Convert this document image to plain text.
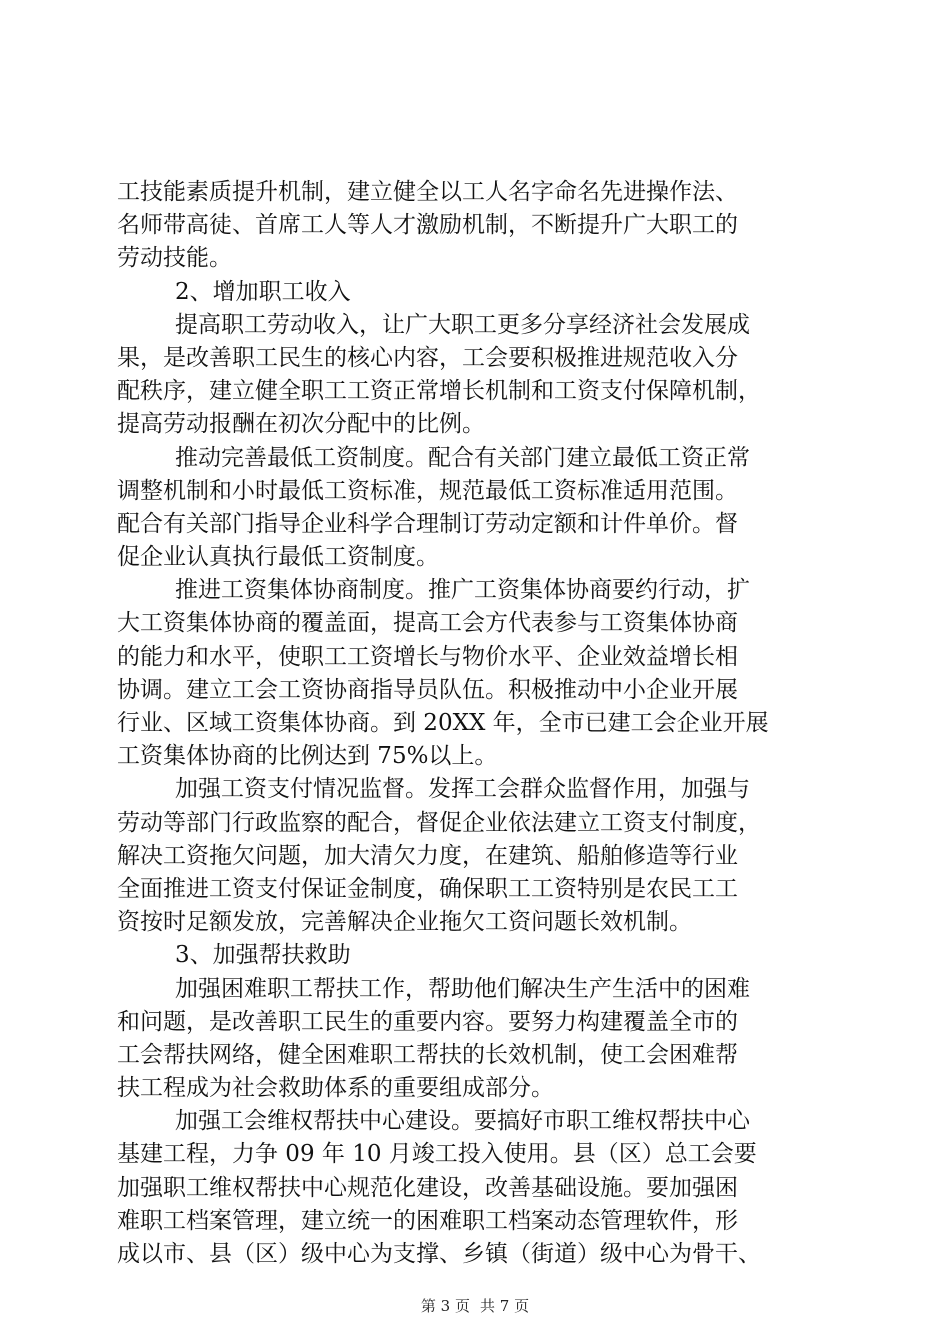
工技能素质提升机制，建立健全以工人名字命名先进操作法、
名师带高徒、首席工人等人才激励机制，不断提升广大职工的
劳动技能。
2、增加职工收入
提高职工劳动收入，让广大职工更多分享经济社会发展成
果，是改善职工民生的核心内容，工会要积极推进规范收入分
配秩序，建立健全职工工资正常增长机制和工资支付保障机制，
提高劳动报酬在初次分配中的比例。
推动完善最低工资制度。配合有关部门建立最低工资正常
调整机制和小时最低工资标准，规范最低工资标准适用范围。
配合有关部门指导企业科学合理制订劳动定额和计件单价。督
促企业认真执行最低工资制度。
推进工资集体协商制度。推广工资集体协商要约行动，扩
大工资集体协商的覆盖面，提高工会方代表参与工资集体协商
的能力和水平，使职工工资增长与物价水平、企业效益增长相
协调。建立工会工资协商指导员队伍。积极推动中小企业开展
行业、区域工资集体协商。到 20XX 年，全市已建工会企业开展
工资集体协商的比例达到 75%以上。
加强工资支付情况监督。发挥工会群众监督作用，加强与
劳动等部门行政监察的配合，督促企业依法建立工资支付制度，
解决工资拖欠问题，加大清欠力度，在建筑、船舶修造等行业
全面推进工资支付保证金制度，确保职工工资特别是农民工工
资按时足额发放，完善解决企业拖欠工资问题长效机制。
3、加强帮扶救助
加强困难职工帮扶工作，帮助他们解决生产生活中的困难
和问题，是改善职工民生的重要内容。要努力构建覆盖全市的
工会帮扶网络，健全困难职工帮扶的长效机制，使工会困难帮
扶工程成为社会救助体系的重要组成部分。
加强工会维权帮扶中心建设。要搞好市职工维权帮扶中心
基建工程，力争 09 年 10 月竣工投入使用。县（区）总工会要
加强职工维权帮扶中心规范化建设，改善基础设施。要加强困
难职工档案管理，建立统一的困难职工档案动态管理软件，形
成以市、县（区）级中心为支撑、乡镇（街道）级中心为骨干、
第 3 页 共 7 页
